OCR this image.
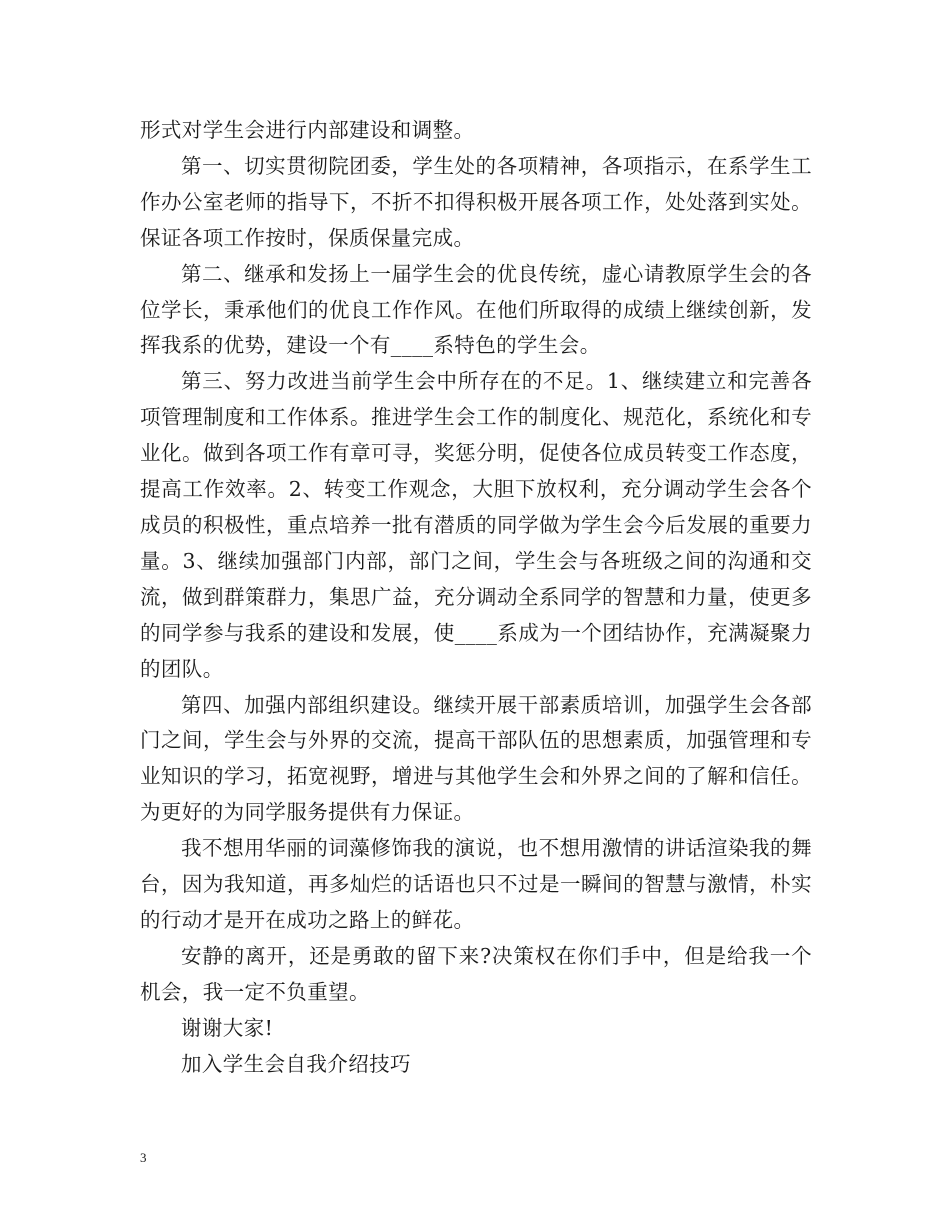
形式对学生会进行内部建设和调整。

第一、切实贯彻院团委，学生处的各项精神，各项指示，在系学生工作办公室老师的指导下，不折不扣得积极开展各项工作，处处落到实处。保证各项工作按时，保质保量完成。

第二、继承和发扬上一届学生会的优良传统，虚心请教原学生会的各位学长，秉承他们的优良工作作风。在他们所取得的成绩上继续创新，发挥我系的优势，建设一个有____系特色的学生会。

第三、努力改进当前学生会中所存在的不足。1、继续建立和完善各项管理制度和工作体系。推进学生会工作的制度化、规范化，系统化和专业化。做到各项工作有章可寻，奖惩分明，促使各位成员转变工作态度，提高工作效率。2、转变工作观念，大胆下放权利，充分调动学生会各个成员的积极性，重点培养一批有潜质的同学做为学生会今后发展的重要力量。3、继续加强部门内部，部门之间，学生会与各班级之间的沟通和交流，做到群策群力，集思广益，充分调动全系同学的智慧和力量，使更多的同学参与我系的建设和发展，使____系成为一个团结协作，充满凝聚力的团队。

第四、加强内部组织建设。继续开展干部素质培训，加强学生会各部门之间，学生会与外界的交流，提高干部队伍的思想素质，加强管理和专业知识的学习，拓宽视野，增进与其他学生会和外界之间的了解和信任。为更好的为同学服务提供有力保证。

我不想用华丽的词藻修饰我的演说，也不想用激情的讲话渲染我的舞台，因为我知道，再多灿烂的话语也只不过是一瞬间的智慧与激情，朴实的行动才是开在成功之路上的鲜花。

安静的离开，还是勇敢的留下来?决策权在你们手中，但是给我一个机会，我一定不负重望。

谢谢大家!

加入学生会自我介绍技巧

3
